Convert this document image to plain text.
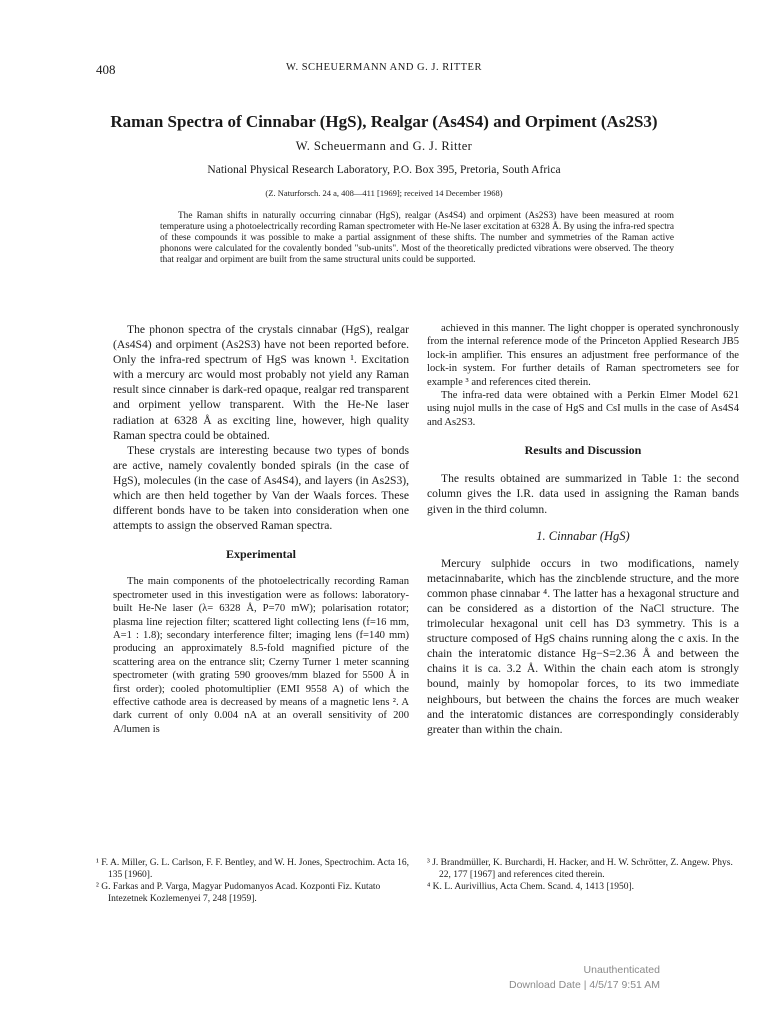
408	W. SCHEUERMANN AND G. J. RITTER
Raman Spectra of Cinnabar (HgS), Realgar (As4S4) and Orpiment (As2S3)
W. Scheuermann and G. J. Ritter
National Physical Research Laboratory, P.O. Box 395, Pretoria, South Africa
(Z. Naturforsch. 24 a, 408—411 [1969]; received 14 December 1968)
The Raman shifts in naturally occurring cinnabar (HgS), realgar (As4S4) and orpiment (As2S3) have been measured at room temperature using a photoelectrically recording Raman spectrometer with He-Ne laser excitation at 6328 Å. By using the infra-red spectra of these compounds it was possible to make a partial assignment of these shifts. The number and symmetries of the Raman active phonons were calculated for the covalently bonded "sub-units". Most of the theoretically predicted vibrations were observed. The theory that realgar and orpiment are built from the same structural units could be supported.

The phonon spectra of the crystals cinnabar (HgS), realgar (As4S4) and orpiment (As2S3) have not been reported before. Only the infra-red spectrum of HgS was known ¹. Excitation with a mercury arc would most probably not yield any Raman result since cinnaber is dark-red opaque, realgar red transparent and orpiment yellow transparent. With the He-Ne laser radiation at 6328 Å as exciting line, however, high quality Raman spectra could be obtained.

These crystals are interesting because two types of bonds are active, namely covalently bonded spirals (in the case of HgS), molecules (in the case of As4S4), and layers (in As2S3), which are then held together by Van der Waals forces. These different bonds have to be taken into consideration when one attempts to assign the observed Raman spectra.

Experimental

The main components of the photoelectrically recording Raman spectrometer used in this investigation were as follows: laboratory-built He-Ne laser (λ= 6328 Å, P=70 mW); polarisation rotator; plasma line rejection filter; scattered light collecting lens (f=16 mm, A=1 : 1.8); secondary interference filter; imaging lens (f=140 mm) producing an approximately 8.5-fold magnified picture of the scattering area on the entrance slit; Czerny Turner 1 meter scanning spectrometer (with grating 590 grooves/mm blazed for 5500 Å in first order); cooled photomultiplier (EMI 9558 A) of which the effective cathode area is decreased by means of a magnetic lens ². A dark current of only 0.004 nA at an overall sensitivity of 200 A/lumen is

achieved in this manner. The light chopper is operated synchronously from the internal reference mode of the Princeton Applied Research JB5 lock-in amplifier. This ensures an adjustment free performance of the lock-in system. For further details of Raman spectrometers see for example ³ and references cited therein.

The infra-red data were obtained with a Perkin Elmer Model 621 using nujol mulls in the case of HgS and CsI mulls in the case of As4S4 and As2S3.

Results and Discussion

The results obtained are summarized in Table 1: the second column gives the I.R. data used in assigning the Raman bands given in the third column.

1. Cinnabar (HgS)

Mercury sulphide occurs in two modifications, namely metacinnabarite, which has the zincblende structure, and the more common phase cinnabar ⁴. The latter has a hexagonal structure and can be considered as a distortion of the NaCl structure. The trimolecular hexagonal unit cell has D3 symmetry. This is a structure composed of HgS chains running along the c axis. In the chain the interatomic distance Hg−S=2.36 Å and between the chains it is ca. 3.2 Å. Within the chain each atom is strongly bound, mainly by homopolar forces, to its two immediate neighbours, but between the chains the forces are much weaker and the interatomic distances are correspondingly considerably greater than within the chain.

¹ F. A. Miller, G. L. Carlson, F. F. Bentley, and W. H. Jones, Spectrochim. Acta 16, 135 [1960].
² G. Farkas and P. Varga, Magyar Pudomanyos Acad. Kozponti Fiz. Kutato Intezetnek Kozlemenyei 7, 248 [1959].
³ J. Brandmüller, K. Burchardi, H. Hacker, and H. W. Schrötter, Z. Angew. Phys. 22, 177 [1967] and references cited therein.
⁴ K. L. Aurivillius, Acta Chem. Scand. 4, 1413 [1950].
Unauthenticated
Download Date | 4/5/17 9:51 AM
